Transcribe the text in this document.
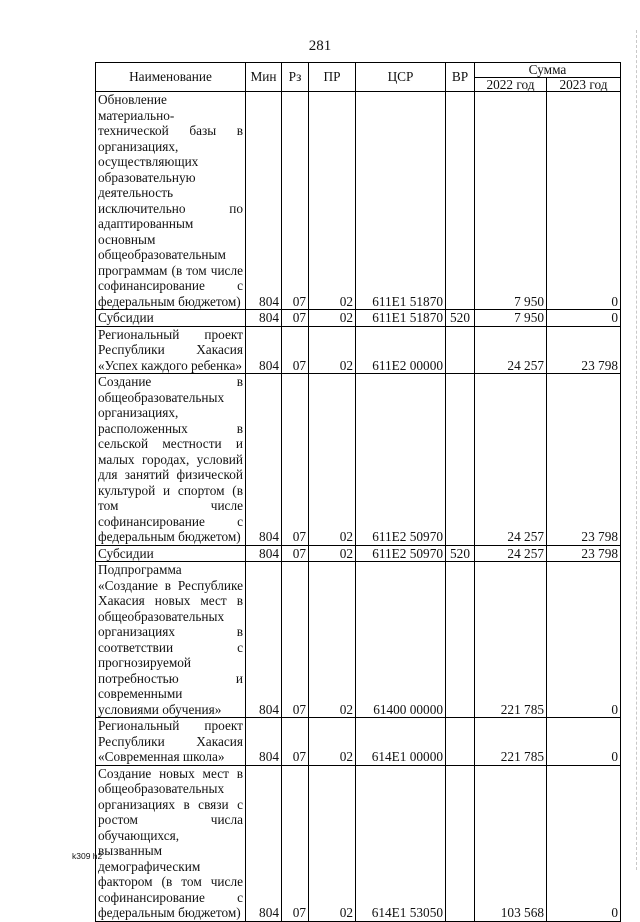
281
Наименование	Мин	Рз	ПР	ЦСР	ВР	Сумма	
						2022 год	2023 год
Обновление материально-технической базы в организациях, осуществляющих образовательную деятельность исключительно по адаптированным основным общеобразовательным программам (в том числе софинансирование с федеральным бюджетом)	804	07	02	611E1 51870		7 950	0
Субсидии	804	07	02	611E1 51870	520	7 950	0
Региональный проект Республики Хакасия «Успех каждого ребенка»	804	07	02	611E2 00000		24 257	23 798
Создание в общеобразовательных организациях, расположенных в сельской местности и малых городах, условий для занятий физической культурой и спортом (в том числе софинансирование с федеральным бюджетом)	804	07	02	611E2 50970		24 257	23 798
Субсидии	804	07	02	611E2 50970	520	24 257	23 798
Подпрограмма «Создание в Республике Хакасия новых мест в общеобразовательных организациях в соответствии с прогнозируемой потребностью и современными условиями обучения»	804	07	02	61400 00000		221 785	0
Региональный проект Республики Хакасия «Современная школа»	804	07	02	614E1 00000		221 785	0
Создание новых мест в общеобразовательных организациях в связи с ростом числа обучающихся, вызванным демографическим фактором (в том числе софинансирование с федеральным бюджетом)	804	07	02	614E1 53050		103 568	0
k309 h2
